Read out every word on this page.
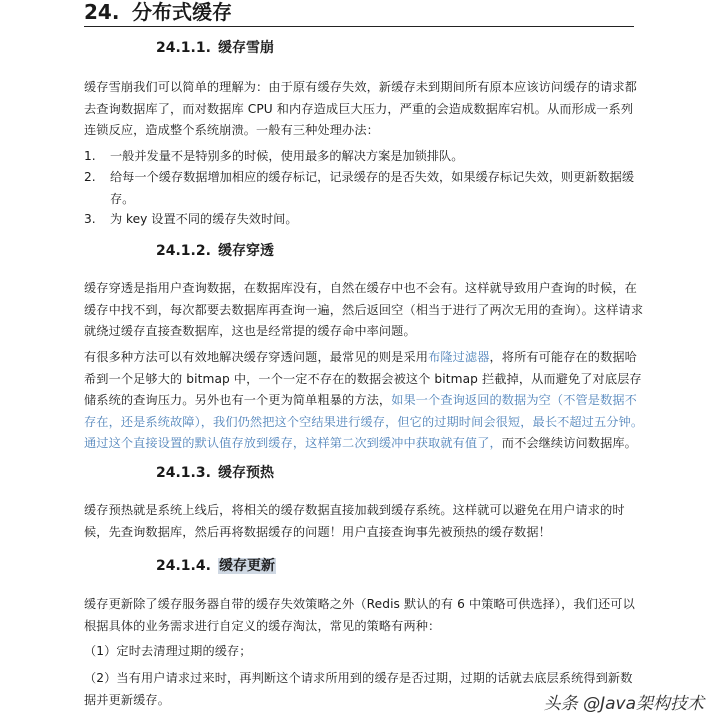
24. 分布式缓存
24.1.1. 缓存雪崩
缓存雪崩我们可以简单的理解为：由于原有缓存失效，新缓存未到期间所有原本应该访问缓存的请求都去查询数据库了，而对数据库 CPU 和内存造成巨大压力，严重的会造成数据库宕机。从而形成一系列连锁反应，造成整个系统崩溃。一般有三种处理办法：
1.	一般并发量不是特别多的时候，使用最多的解决方案是加锁排队。
2.	给每一个缓存数据增加相应的缓存标记，记录缓存的是否失效，如果缓存标记失效，则更新数据缓存。
3.	为 key 设置不同的缓存失效时间。
24.1.2. 缓存穿透
缓存穿透是指用户查询数据，在数据库没有，自然在缓存中也不会有。这样就导致用户查询的时候，在缓存中找不到，每次都要去数据库再查询一遍，然后返回空（相当于进行了两次无用的查询）。这样请求就绕过缓存直接查数据库，这也是经常提的缓存命中率问题。
有很多种方法可以有效地解决缓存穿透问题，最常见的则是采用布隆过滤器，将所有可能存在的数据哈希到一个足够大的 bitmap 中，一个一定不存在的数据会被这个 bitmap 拦截掉，从而避免了对底层存储系统的查询压力。另外也有一个更为简单粗暴的方法，如果一个查询返回的数据为空（不管是数据不存在，还是系统故障），我们仍然把这个空结果进行缓存，但它的过期时间会很短，最长不超过五分钟。通过这个直接设置的默认值存放到缓存，这样第二次到缓冲中获取就有值了，而不会继续访问数据库。
24.1.3. 缓存预热
缓存预热就是系统上线后，将相关的缓存数据直接加载到缓存系统。这样就可以避免在用户请求的时候，先查询数据库，然后再将数据缓存的问题！用户直接查询事先被预热的缓存数据！
24.1.4. 缓存更新
缓存更新除了缓存服务器自带的缓存失效策略之外（Redis 默认的有 6 中策略可供选择），我们还可以根据具体的业务需求进行自定义的缓存淘汰，常见的策略有两种：
（1）定时去清理过期的缓存；
（2）当有用户请求过来时，再判断这个请求所用到的缓存是否过期，过期的话就去底层系统得到新数据并更新缓存。	头条 @Java架构技术
